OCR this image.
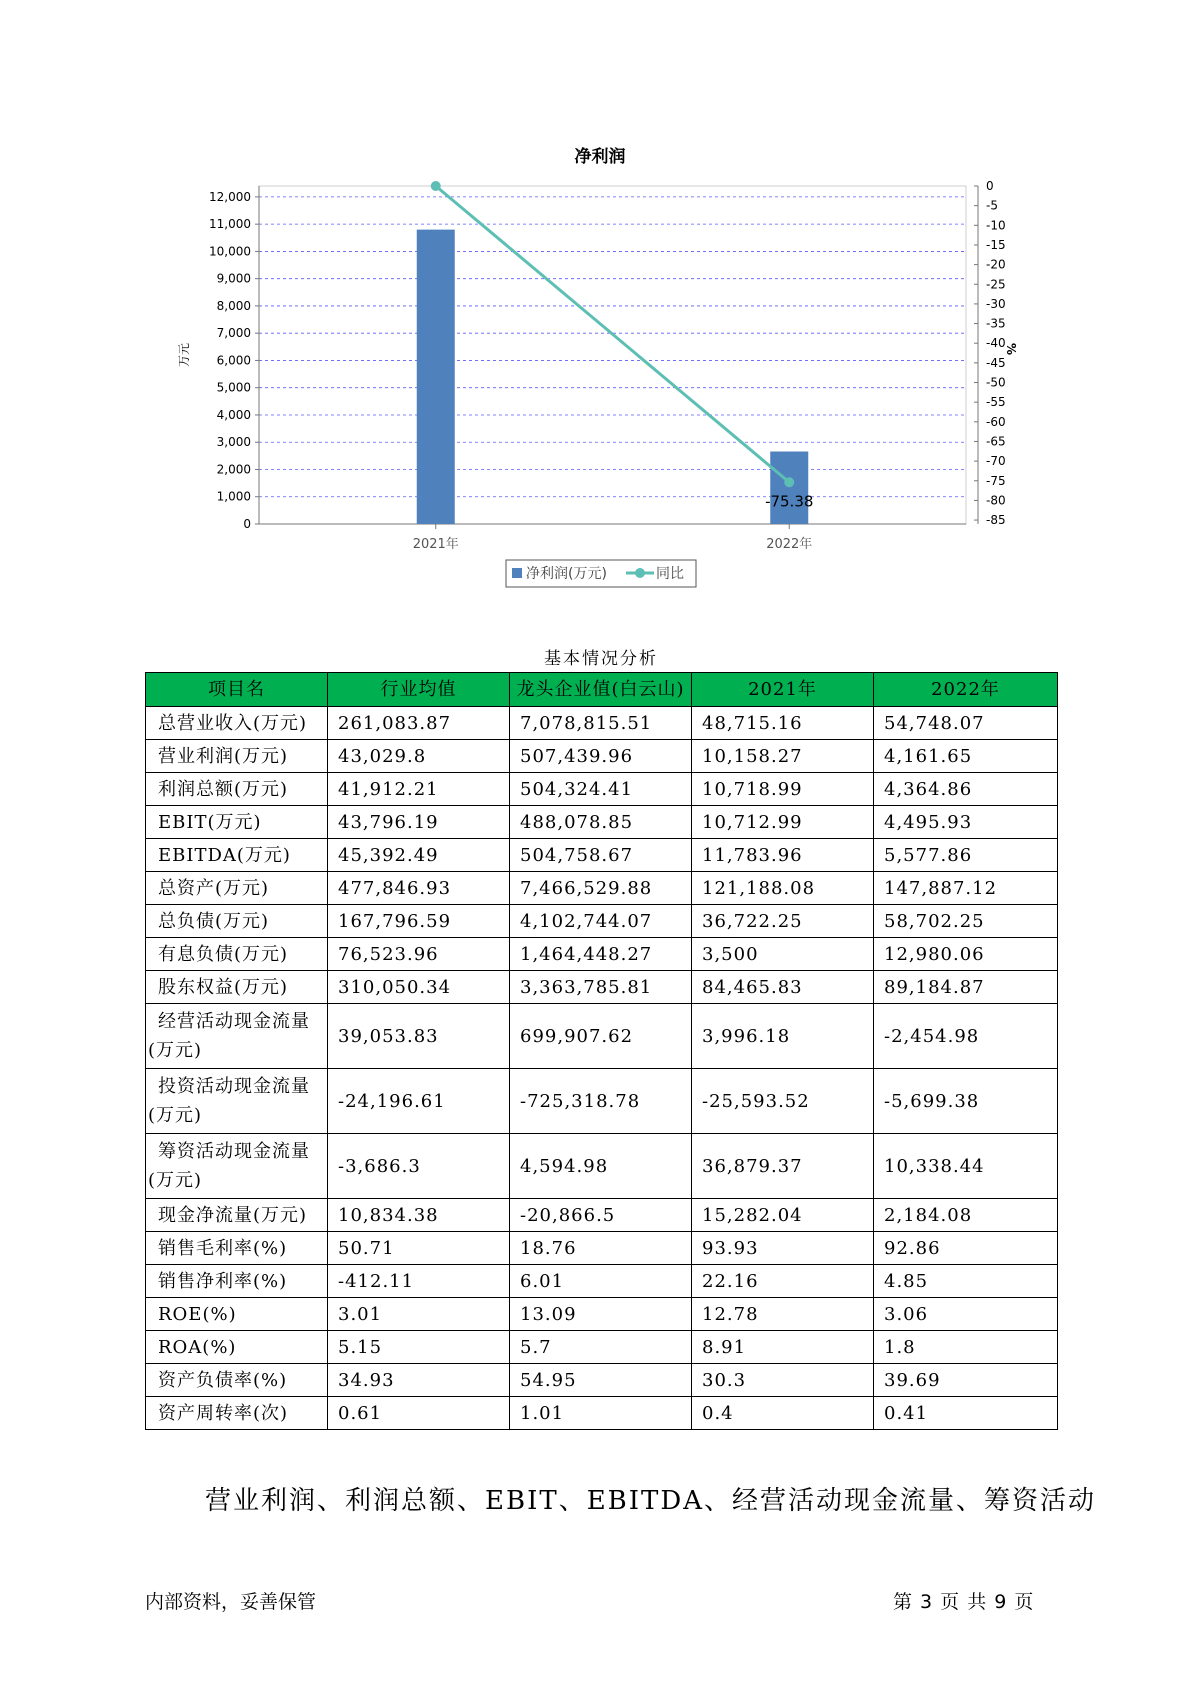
净利润
0
1,000
2,000
3,000
4,000
5,000
6,000
7,000
8,000
9,000
10,000
11,000
12,000
0
-5
-10
-15
-20
-25
-30
-35
-40
-45
-50
-55
-60
-65
-70
-75
-80
-85
2021年	2022年
-75.38
万元	%
净利润(万元)	同比
基本情况分析
项目名	行业均值	龙头企业值(白云山)	2021年	2022年
总营业收入(万元)	261,083.87	7,078,815.51	48,715.16	54,748.07
营业利润(万元)	43,029.8	507,439.96	10,158.27	4,161.65
利润总额(万元)	41,912.21	504,324.41	10,718.99	4,364.86
EBIT(万元)	43,796.19	488,078.85	10,712.99	4,495.93
EBITDA(万元)	45,392.49	504,758.67	11,783.96	5,577.86
总资产(万元)	477,846.93	7,466,529.88	121,188.08	147,887.12
总负债(万元)	167,796.59	4,102,744.07	36,722.25	58,702.25
有息负债(万元)	76,523.96	1,464,448.27	3,500	12,980.06
股东权益(万元)	310,050.34	3,363,785.81	84,465.83	89,184.87

经营活动现金流量
(万元)	39,053.83	699,907.62	3,996.18	-2,454.98

投资活动现金流量
(万元)	-24,196.61	-725,318.78	-25,593.52	-5,699.38

筹资活动现金流量
(万元)	-3,686.3	4,594.98	36,879.37	10,338.44
现金净流量(万元)	10,834.38	-20,866.5	15,282.04	2,184.08
销售毛利率(%)	50.71	18.76	93.93	92.86
销售净利率(%)	-412.11	6.01	22.16	4.85
ROE(%)	3.01	13.09	12.78	3.06
ROA(%)	5.15	5.7	8.91	1.8
资产负债率(%)	34.93	54.95	30.3	39.69
资产周转率(次)	0.61	1.01	0.4	0.41
营业利润、利润总额、EBIT、EBITDA、经营活动现金流量、筹资活动
内部资料，妥善保管	第 3 页 共 9 页
